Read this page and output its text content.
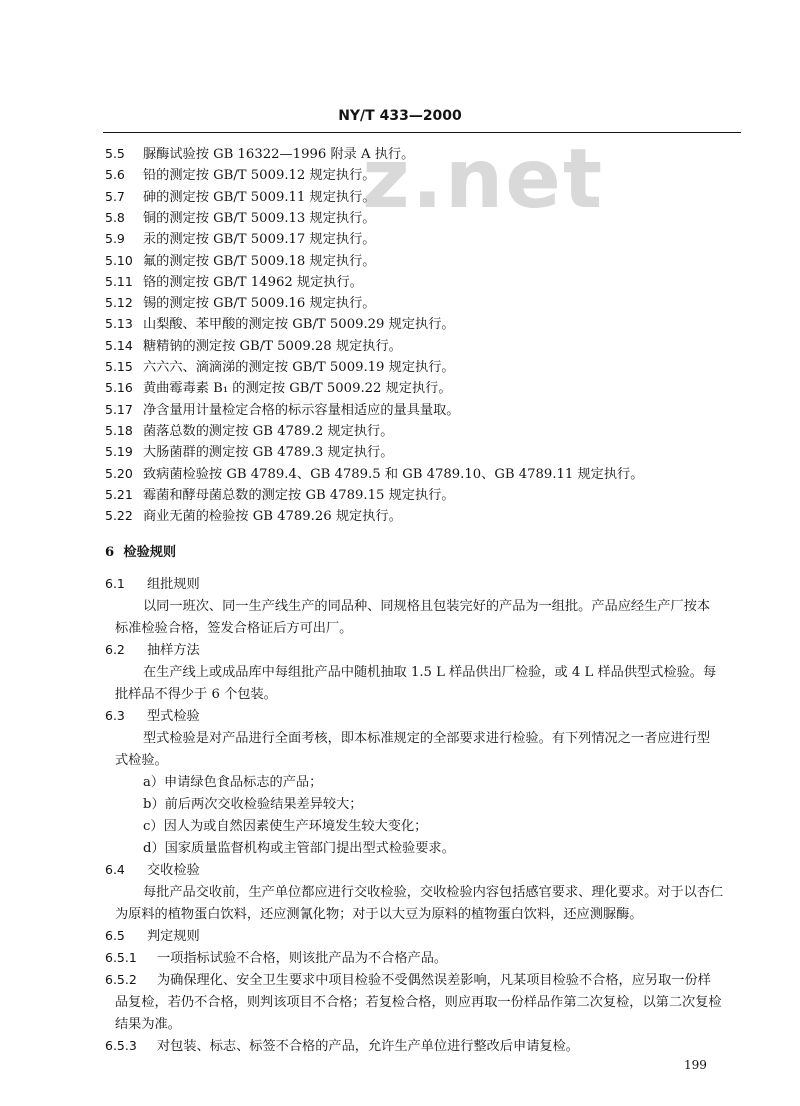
z.net
NY/T 433—2000
5.5 脲酶试验按 GB 16322—1996 附录 A 执行。
5.6 铅的测定按 GB/T 5009.12 规定执行。
5.7 砷的测定按 GB/T 5009.11 规定执行。
5.8 铜的测定按 GB/T 5009.13 规定执行。
5.9 汞的测定按 GB/T 5009.17 规定执行。
5.10 氟的测定按 GB/T 5009.18 规定执行。
5.11 铬的测定按 GB/T 14962 规定执行。
5.12 锡的测定按 GB/T 5009.16 规定执行。
5.13 山梨酸、苯甲酸的测定按 GB/T 5009.29 规定执行。
5.14 糖精钠的测定按 GB/T 5009.28 规定执行。
5.15 六六六、滴滴涕的测定按 GB/T 5009.19 规定执行。
5.16 黄曲霉毒素 B₁ 的测定按 GB/T 5009.22 规定执行。
5.17 净含量用计量检定合格的标示容量相适应的量具量取。
5.18 菌落总数的测定按 GB 4789.2 规定执行。
5.19 大肠菌群的测定按 GB 4789.3 规定执行。
5.20 致病菌检验按 GB 4789.4、GB 4789.5 和 GB 4789.10、GB 4789.11 规定执行。
5.21 霉菌和酵母菌总数的测定按 GB 4789.15 规定执行。
5.22 商业无菌的检验按 GB 4789.26 规定执行。
6 检验规则
6.1 组批规则
以同一班次、同一生产线生产的同品种、同规格且包装完好的产品为一组批。产品应经生产厂按本
标准检验合格，签发合格证后方可出厂。
6.2 抽样方法
在生产线上或成品库中每组批产品中随机抽取 1.5 L 样品供出厂检验，或 4 L 样品供型式检验。每
批样品不得少于 6 个包装。
6.3 型式检验
型式检验是对产品进行全面考核，即本标准规定的全部要求进行检验。有下列情况之一者应进行型
式检验。
a）申请绿色食品标志的产品；
b）前后两次交收检验结果差异较大；
c）因人为或自然因素使生产环境发生较大变化；
d）国家质量监督机构或主管部门提出型式检验要求。
6.4 交收检验
每批产品交收前，生产单位都应进行交收检验，交收检验内容包括感官要求、理化要求。对于以杏仁
为原料的植物蛋白饮料，还应测氰化物；对于以大豆为原料的植物蛋白饮料，还应测脲酶。
6.5 判定规则
6.5.1 一项指标试验不合格，则该批产品为不合格产品。
6.5.2 为确保理化、安全卫生要求中项目检验不受偶然误差影响，凡某项目检验不合格，应另取一份样
品复检，若仍不合格，则判该项目不合格；若复检合格，则应再取一份样品作第二次复检，以第二次复检
结果为准。
6.5.3 对包装、标志、标签不合格的产品，允许生产单位进行整改后申请复检。
199
